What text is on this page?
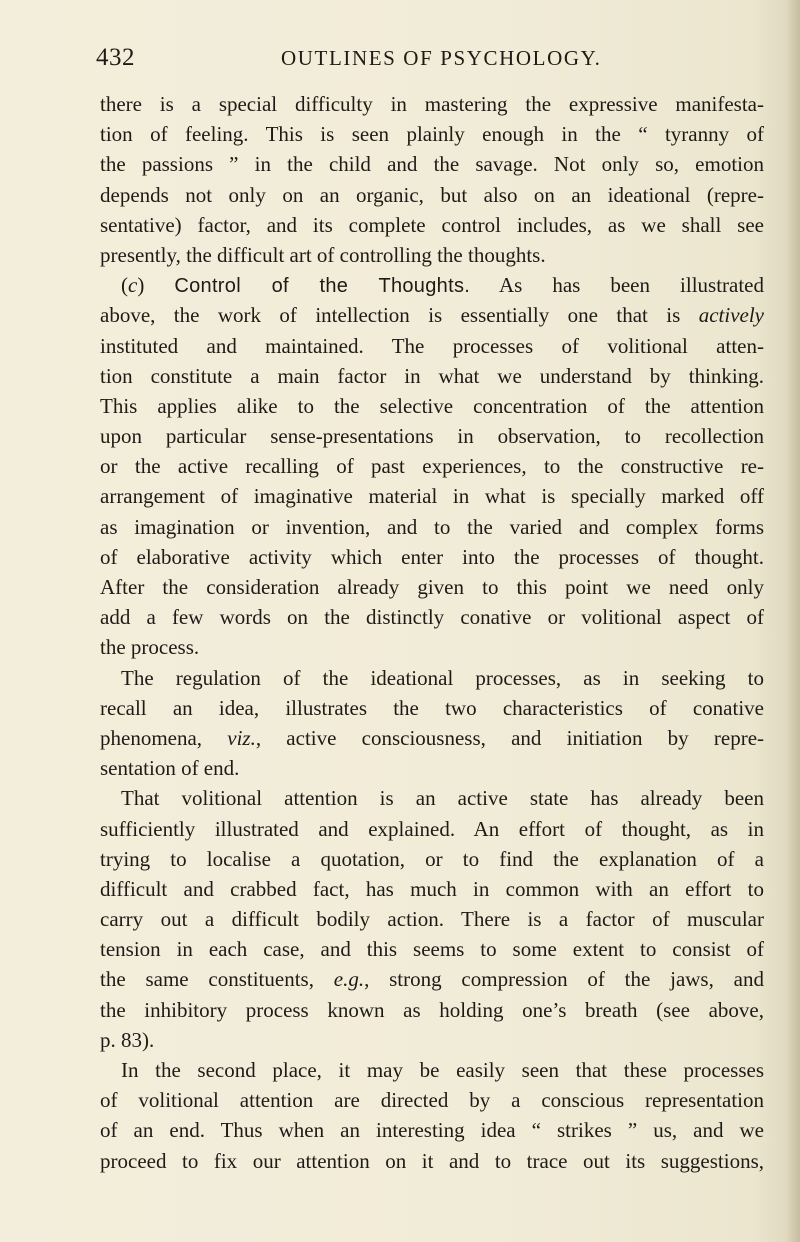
432	OUTLINES OF PSYCHOLOGY.
there is a special difficulty in mastering the expressive manifesta-
tion of feeling. This is seen plainly enough in the “ tyranny of
the passions ” in the child and the savage. Not only so, emotion
depends not only on an organic, but also on an ideational (repre-
sentative) factor, and its complete control includes, as we shall see
presently, the difficult art of controlling the thoughts.
(c) Control of the Thoughts. As has been illustrated
above, the work of intellection is essentially one that is actively
instituted and maintained. The processes of volitional atten-
tion constitute a main factor in what we understand by thinking.
This applies alike to the selective concentration of the attention
upon particular sense-presentations in observation, to recollection
or the active recalling of past experiences, to the constructive re-
arrangement of imaginative material in what is specially marked off
as imagination or invention, and to the varied and complex forms
of elaborative activity which enter into the processes of thought.
After the consideration already given to this point we need only
add a few words on the distinctly conative or volitional aspect of
the process.
The regulation of the ideational processes, as in seeking to
recall an idea, illustrates the two characteristics of conative
phenomena, viz., active consciousness, and initiation by repre-
sentation of end.
That volitional attention is an active state has already been
sufficiently illustrated and explained. An effort of thought, as in
trying to localise a quotation, or to find the explanation of a
difficult and crabbed fact, has much in common with an effort to
carry out a difficult bodily action. There is a factor of muscular
tension in each case, and this seems to some extent to consist of
the same constituents, e.g., strong compression of the jaws, and
the inhibitory process known as holding one’s breath (see above,
p. 83).
In the second place, it may be easily seen that these processes
of volitional attention are directed by a conscious representation
of an end. Thus when an interesting idea “ strikes ” us, and we
proceed to fix our attention on it and to trace out its suggestions,
